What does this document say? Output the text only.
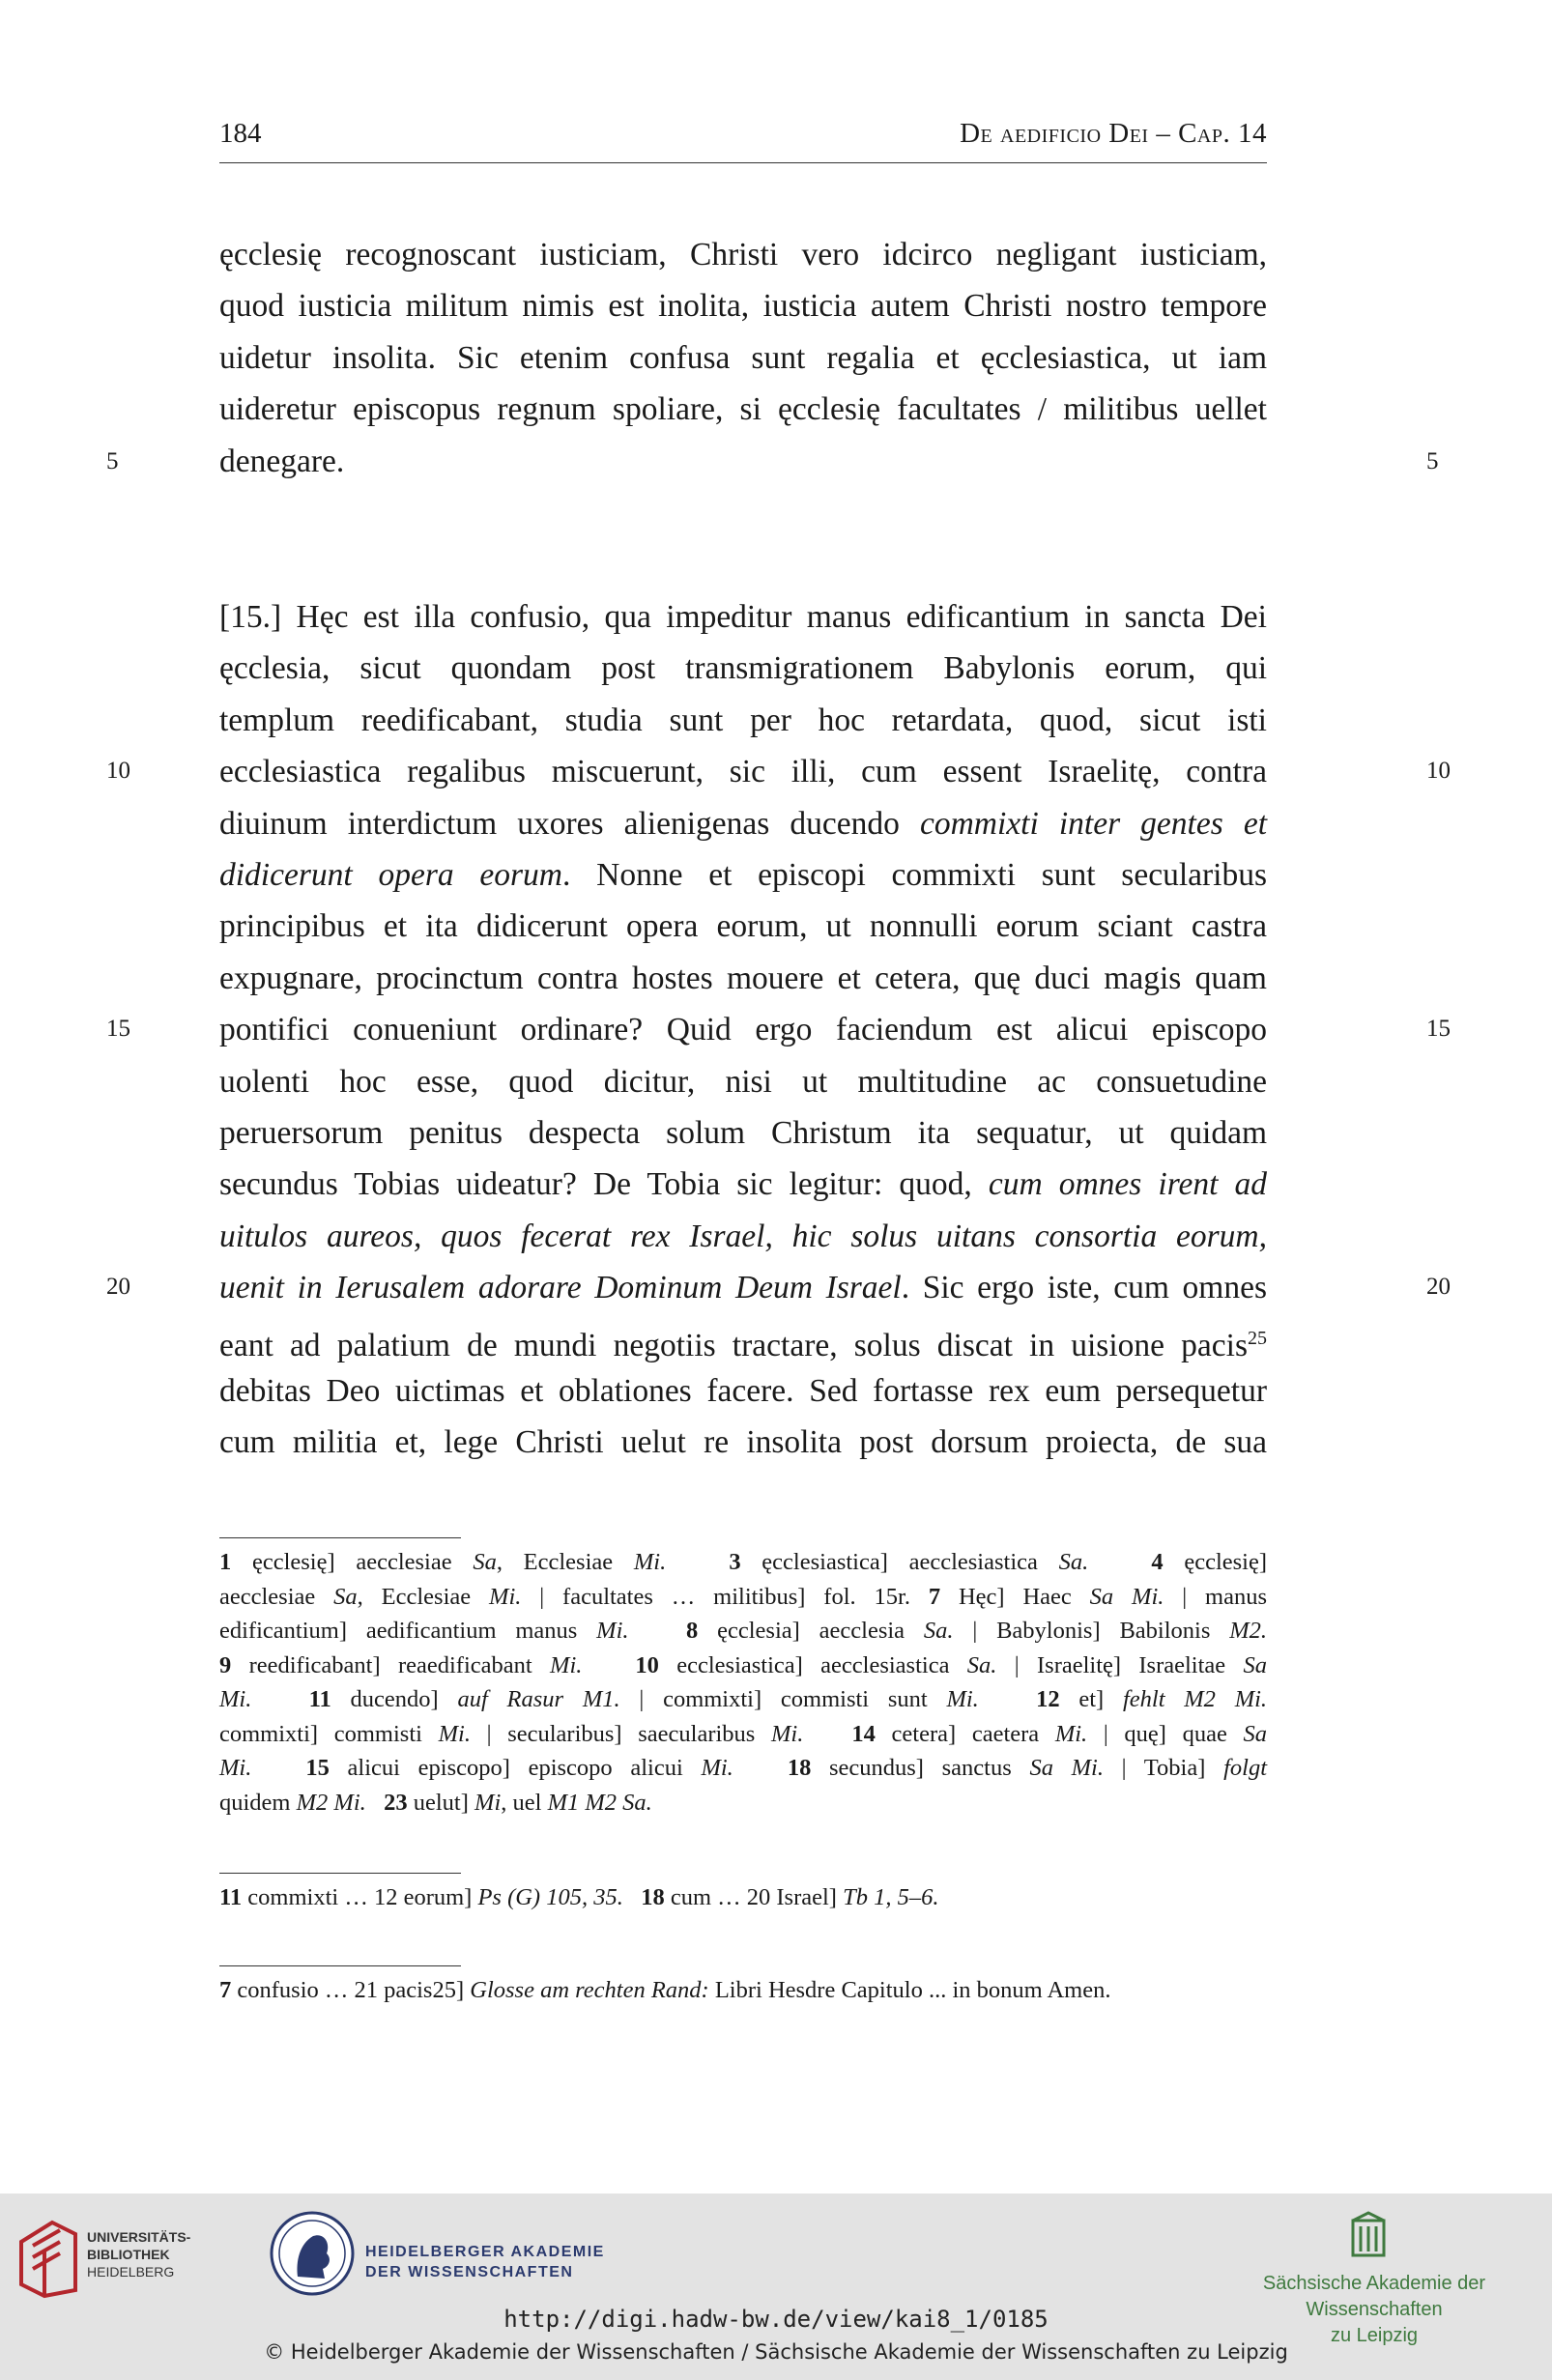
184	De aedificio Dei – Cap. 14
ęcclesię recognoscant iusticiam, Christi vero idcirco negligant iusticiam,
quod iusticia militum nimis est inolita, iusticia autem Christi nostro tempore
uidetur insolita. Sic etenim confusa sunt regalia et ęcclesiastica, ut iam
uideretur episcopus regnum spoliare, si ęcclesię facultates / militibus uellet
denegare.
[15.] Hęc est illa confusio, qua impeditur manus edificantium in sancta Dei
ęcclesia, sicut quondam post transmigrationem Babylonis eorum, qui
templum reedificabant, studia sunt per hoc retardata, quod, sicut isti
ecclesiastica regalibus miscuerunt, sic illi, cum essent Israelitę, contra
diuinum interdictum uxores alienigenas ducendo commixti inter gentes et
didicerunt opera eorum. Nonne et episcopi commixti sunt secularibus
principibus et ita didicerunt opera eorum, ut nonnulli eorum sciant castra
expugnare, procinctum contra hostes mouere et cetera, quę duci magis quam
pontifici conueniunt ordinare? Quid ergo faciendum est alicui episcopo
uolenti hoc esse, quod dicitur, nisi ut multitudine ac consuetudine
peruersorum penitus despecta solum Christum ita sequatur, ut quidam
secundus Tobias uideatur? De Tobia sic legitur: quod, cum omnes irent ad
uitulos aureos, quos fecerat rex Israel, hic solus uitans consortia eorum,
uenit in Ierusalem adorare Dominum Deum Israel. Sic ergo iste, cum omnes
eant ad palatium de mundi negotiis tractare, solus discat in uisione pacis$^{25}$
debitas Deo uictimas et oblationes facere. Sed fortasse rex eum persequetur
cum militia et, lege Christi uelut re insolita post dorsum proiecta, de sua
5	5
10	10
15	15
20	20
1 ęcclesię] aecclesiae Sa, Ecclesiae Mi.	3 ęcclesiastica] aecclesiastica Sa.	4 ęcclesię]
aecclesiae Sa, Ecclesiae Mi. | facultates … militibus] fol. 15r. 7 Hęc] Haec Sa Mi. | manus
edificantium] aedificantium manus Mi. 8 ęcclesia] aecclesia Sa. | Babylonis] Babilonis M2.
9 reedificabant] reaedificabant Mi. 10 ecclesiastica] aecclesiastica Sa. | Israelitę] Israelitae Sa
Mi. 11 ducendo] auf Rasur M1. | commixti] commisti sunt Mi. 12 et] fehlt M2 Mi.
commixti] commisti Mi. | secularibus] saecularibus Mi. 14 cetera] caetera Mi. | quę] quae Sa
Mi. 15 alicui episcopo] episcopo alicui Mi. 18 secundus] sanctus Sa Mi. | Tobia] folgt
quidem M2 Mi. 23 uelut] Mi, uel M1 M2 Sa.
11 commixti … 12 eorum] Ps (G) 105, 35. 18 cum … 20 Israel] Tb 1, 5–6.
7 confusio … 21 pacis25] Glosse am rechten Rand: Libri Hesdre Capitulo ... in bonum Amen.
UNIVERSITÄTS-
BIBLIOTHEK
HEIDELBERG
HEIDELBERGER AKADEMIE
DER WISSENSCHAFTEN
Sächsische Akademie der Wissenschaften
zu Leipzig
http://digi.hadw-bw.de/view/kai8_1/0185
© Heidelberger Akademie der Wissenschaften / Sächsische Akademie der Wissenschaften zu Leipzig
